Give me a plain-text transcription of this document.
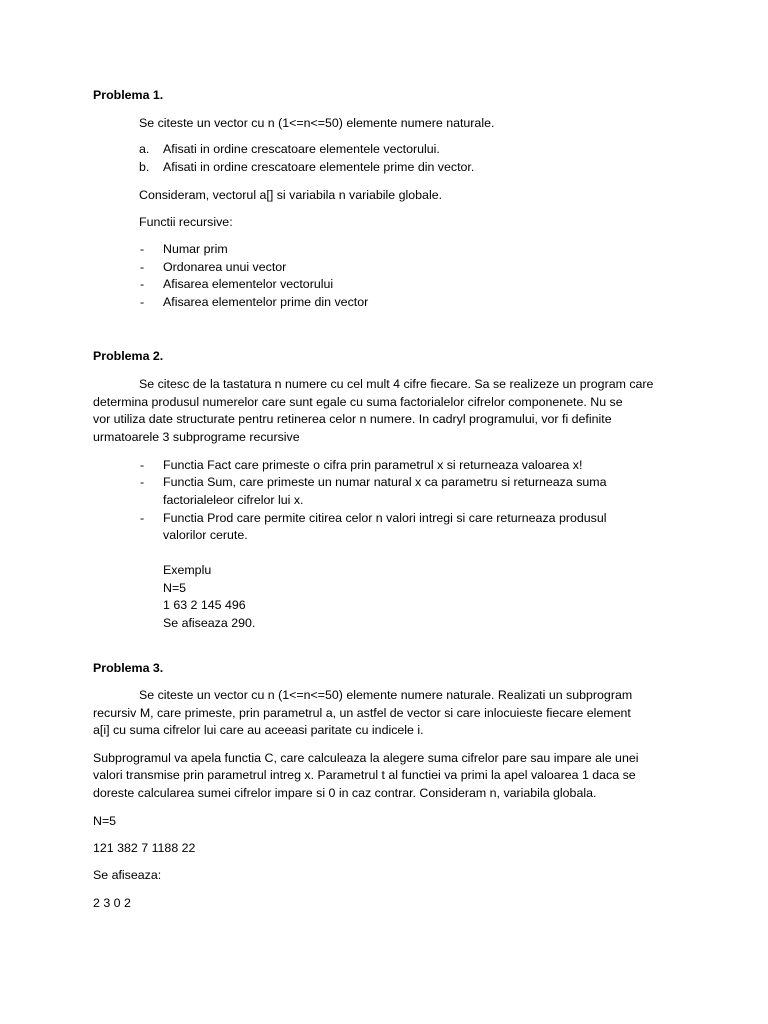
Problema 1.
Se citeste un vector cu n (1<=n<=50) elemente numere naturale.
a. Afisati in ordine crescatoare elementele vectorului.
b. Afisati in ordine crescatoare elementele prime din vector.
Consideram, vectorul a[] si variabila n variabile globale.
Functii recursive:
- Numar prim
- Ordonarea unui vector
- Afisarea elementelor vectorului
- Afisarea elementelor prime din vector
Problema 2.
Se citesc de la tastatura n numere cu cel mult 4 cifre fiecare. Sa se realizeze un program care
determina produsul numerelor care sunt egale cu suma factorialelor cifrelor componenete. Nu se
vor utiliza date structurate pentru retinerea celor n numere. In cadryl programului, vor fi definite
urmatoarele 3 subprograme recursive
- Functia Fact care primeste o cifra prin parametrul x si returneaza valoarea x!
- Functia Sum, care primeste un numar natural x ca parametru si returneaza suma
factorialeleor cifrelor lui x.
- Functia Prod care permite citirea celor n valori intregi si care returneaza produsul
valorilor cerute.
Exemplu
N=5
1 63 2 145 496
Se afiseaza 290.
Problema 3.
Se citeste un vector cu n (1<=n<=50) elemente numere naturale. Realizati un subprogram
recursiv M, care primeste, prin parametrul a, un astfel de vector si care inlocuieste fiecare element
a[i] cu suma cifrelor lui care au aceeasi paritate cu indicele i.
Subprogramul va apela functia C, care calculeaza la alegere suma cifrelor pare sau impare ale unei
valori transmise prin parametrul intreg x. Parametrul t al functiei va primi la apel valoarea 1 daca se
doreste calcularea sumei cifrelor impare si 0 in caz contrar. Consideram n, variabila globala.
N=5
121 382 7 1188 22
Se afiseaza:
2 3 0 2
